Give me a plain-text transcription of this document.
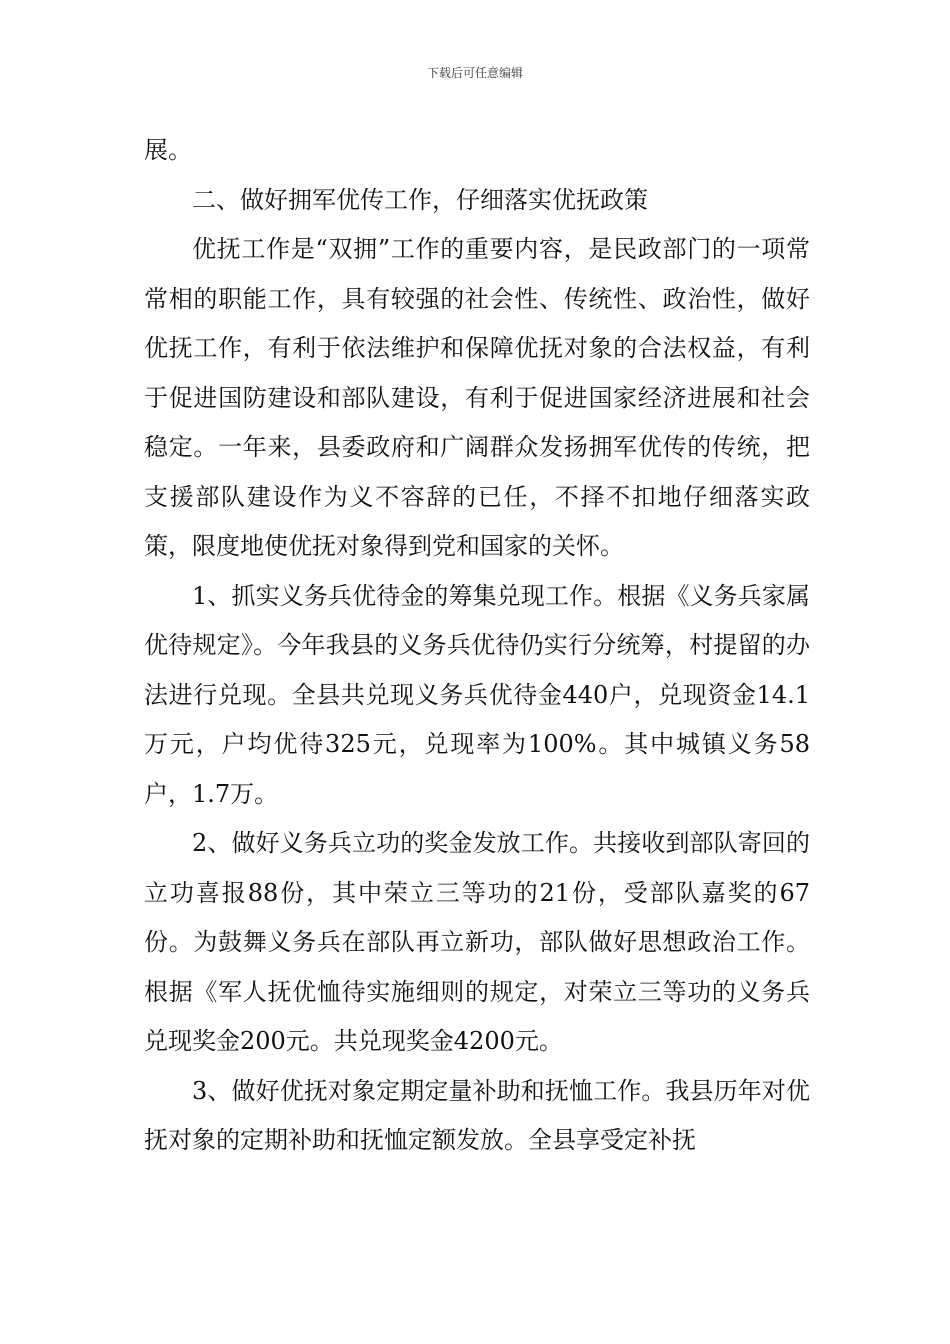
下载后可任意编辑

展。

二、做好拥军优传工作，仔细落实优抚政策

优抚工作是“双拥”工作的重要内容，是民政部门的一项常常相的职能工作，具有较强的社会性、传统性、政治性，做好优抚工作，有利于依法维护和保障优抚对象的合法权益，有利于促进国防建设和部队建设，有利于促进国家经济进展和社会稳定。一年来，县委政府和广阔群众发扬拥军优传的传统，把支援部队建设作为义不容辞的已任，不择不扣地仔细落实政策，限度地使优抚对象得到党和国家的关怀。

1、抓实义务兵优待金的筹集兑现工作。根据《义务兵家属优待规定》。今年我县的义务兵优待仍实行分统筹，村提留的办法进行兑现。全县共兑现义务兵优待金440户，兑现资金14.1万元，户均优待325元，兑现率为100%。其中城镇义务58户，1.7万。

2、做好义务兵立功的奖金发放工作。共接收到部队寄回的立功喜报88份，其中荣立三等功的21份，受部队嘉奖的67份。为鼓舞义务兵在部队再立新功，部队做好思想政治工作。根据《军人抚优恤待实施细则的规定，对荣立三等功的义务兵兑现奖金200元。共兑现奖金4200元。

3、做好优抚对象定期定量补助和抚恤工作。我县历年对优抚对象的定期补助和抚恤定额发放。全县享受定补抚
